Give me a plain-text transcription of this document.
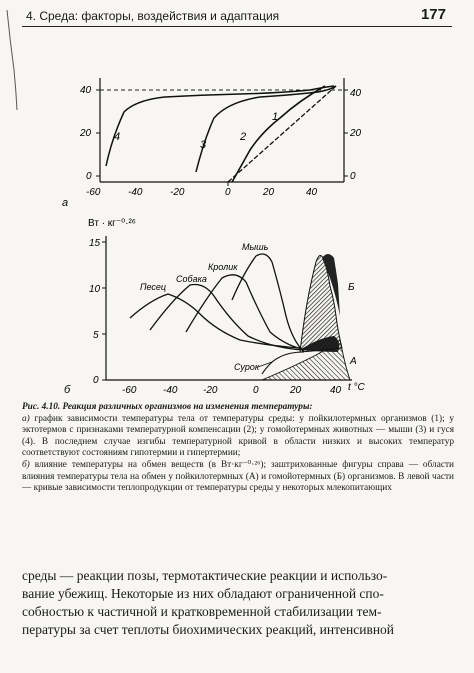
4. Среда: факторы, воздействия и адаптация	177
40
20
0
40
20
0
-60	-40	-20	0	20	40
а
1
2
3
4
Вт · кг⁻⁰·²⁶
15
10
5
0
-60	-40	-20	0	20	40 t °C
б
Песец
Собака
Кролик
Мышь
Сурок
Б
А

Рис. 4.10. Реакция различных организмов на изменения температуры:

а) график зависимости температуры тела от температуры среды: у пойкилотермных организмов (1); у эктотермов с признаками температурной компенсации (2); у гомойотермных животных — мыши (3) и гуся (4). В последнем случае изгибы температурной кривой в области низких и высоких температур соответствуют состояниям гипотермии и гипертермии;

б) влияние температуры на обмен веществ (в Вт·кг⁻⁰·²⁶); заштрихованные фигуры справа — области влияния температуры тела на обмен у пойкилотермных (А) и гомойотермных (Б) организмов. В левой части — кривые зависимости теплопродукции от температуры среды у некоторых млекопитающих

среды — реакции позы, термотактические реакции и использо-
вание убежищ. Некоторые из них обладают ограниченной спо-
собностью к частичной и кратковременной стабилизации тем-
пературы за счет теплоты биохимических реакций, интенсивной
